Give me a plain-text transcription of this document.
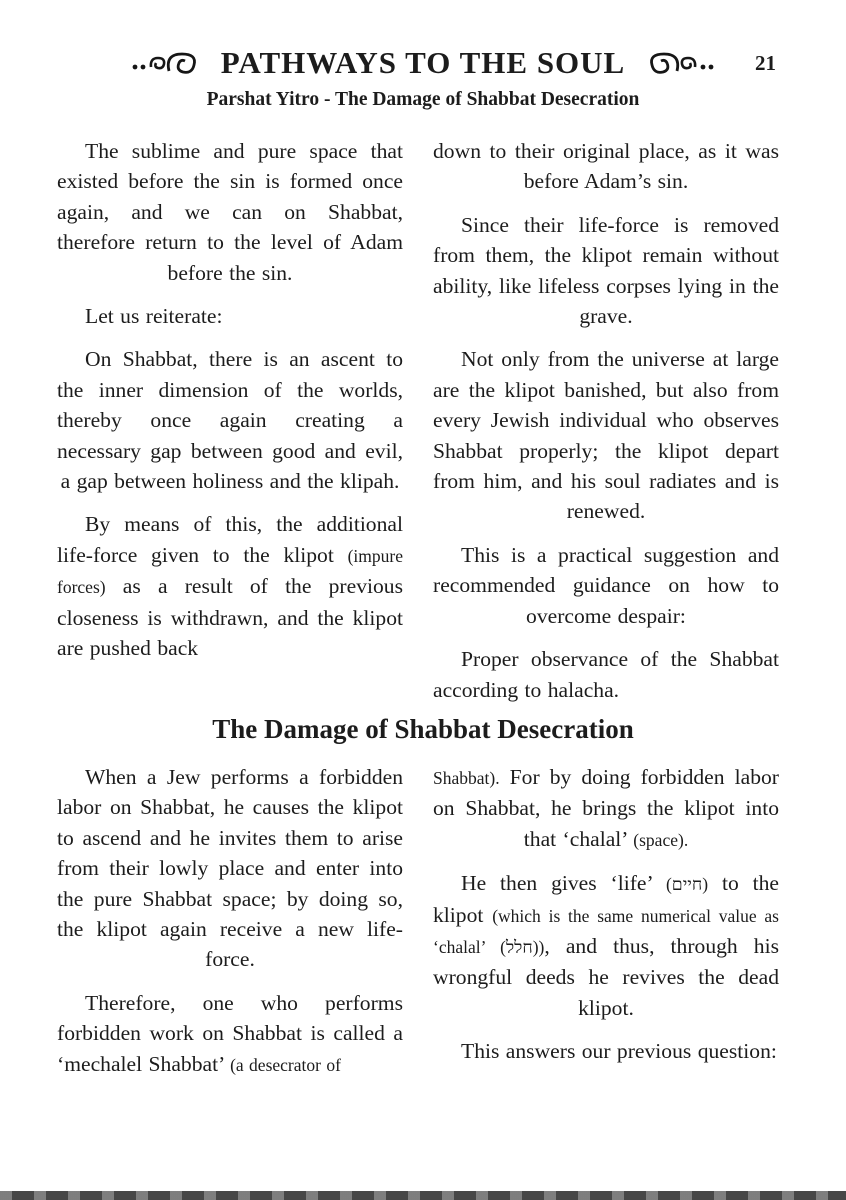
PATHWAYS TO THE SOUL	21
Parshat Yitro - The Damage of Shabbat Desecration

The sublime and pure space that existed before the sin is formed once again, and we can on Shabbat, therefore return to the level of Adam before the sin.

Let us reiterate:

On Shabbat, there is an ascent to the inner dimension of the worlds, thereby once again creating a necessary gap between good and evil, a gap between holiness and the klipah.

By means of this, the additional life-force given to the klipot (impure forces) as a result of the previous closeness is withdrawn, and the klipot are pushed back

down to their original place, as it was before Adam’s sin.

Since their life-force is removed from them, the klipot remain without ability, like lifeless corpses lying in the grave.

Not only from the universe at large are the klipot banished, but also from every Jewish individual who observes Shabbat properly; the klipot depart from him, and his soul radiates and is renewed.

This is a practical suggestion and recommended guidance on how to overcome despair:

Proper observance of the Shabbat according to halacha.

The Damage of Shabbat Desecration

When a Jew performs a forbidden labor on Shabbat, he causes the klipot to ascend and he invites them to arise from their lowly place and enter into the pure Shabbat space; by doing so, the klipot again receive a new life-force.

Therefore, one who performs forbidden work on Shabbat is called a ‘mechalel Shabbat’ (a desecrator of

Shabbat). For by doing forbidden labor on Shabbat, he brings the klipot into that ‘chalal’ (space).

He then gives ‘life’ (חיים) to the klipot (which is the same numerical value as ‘chalal’ (חלל)), and thus, through his wrongful deeds he revives the dead klipot.

This answers our previous question:
